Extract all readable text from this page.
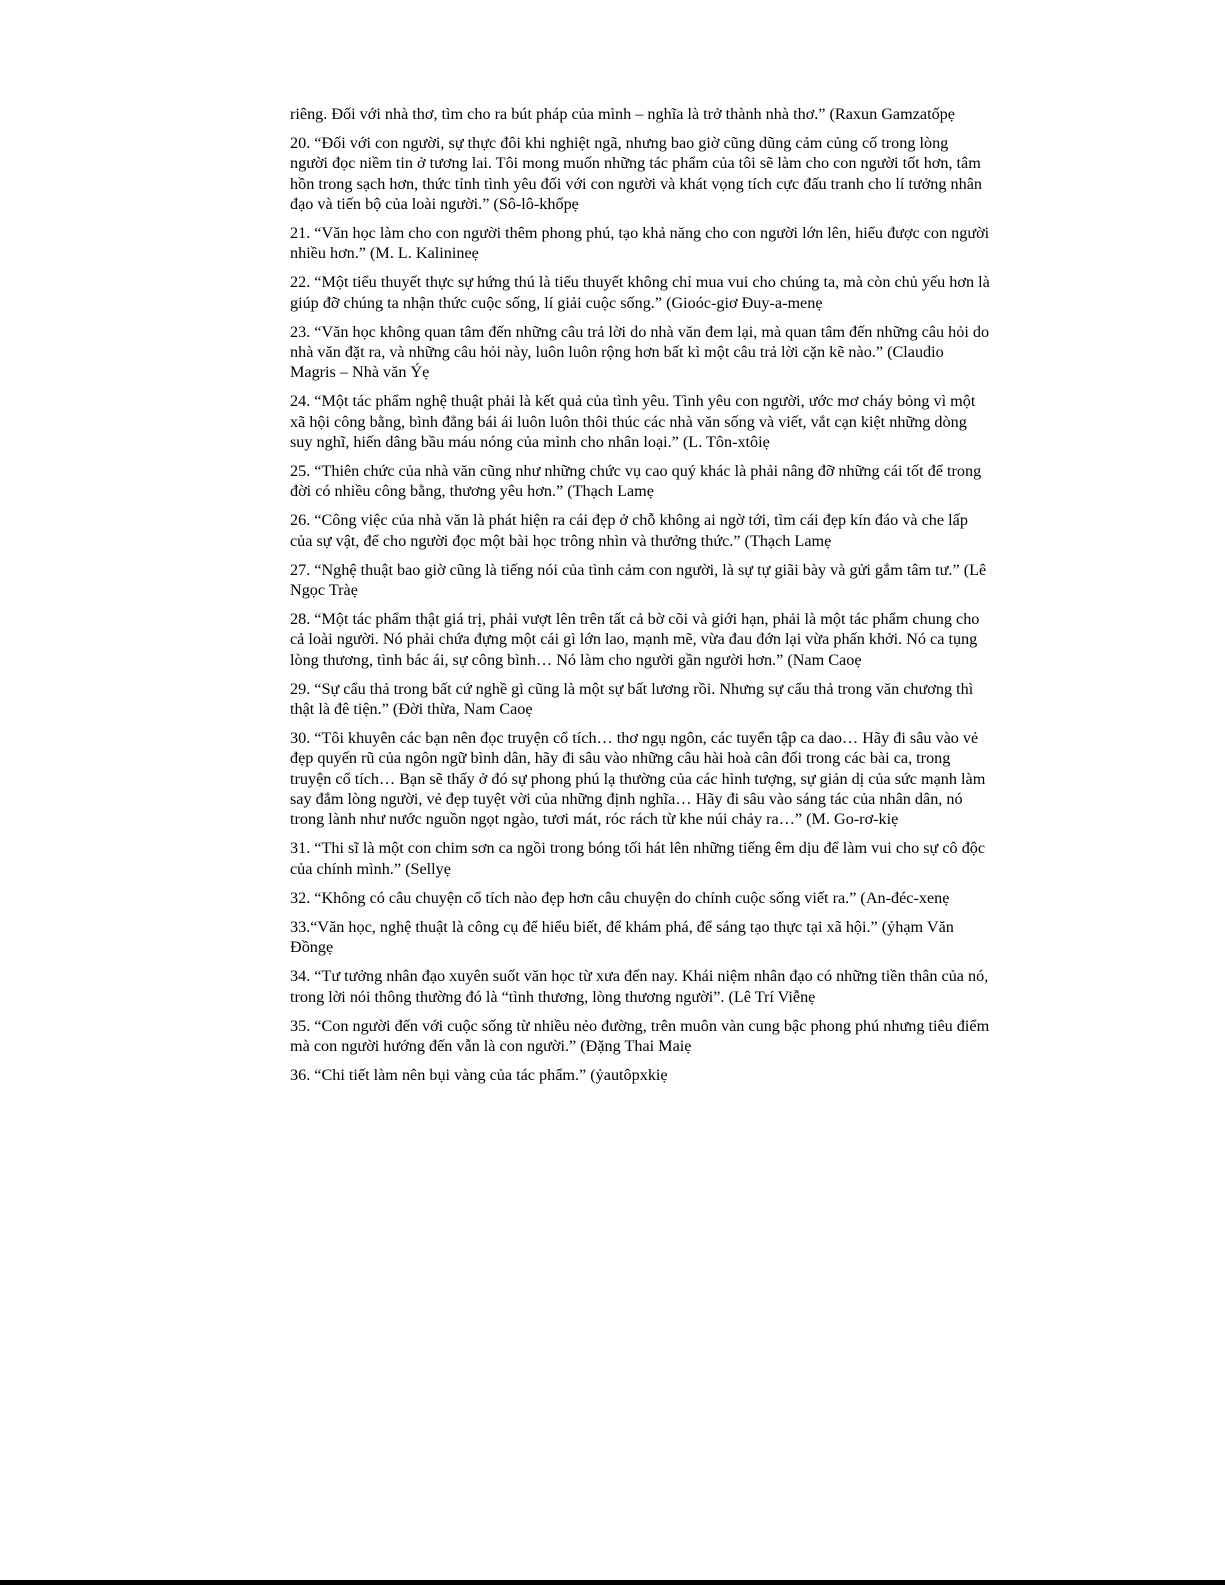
riêng. Đối với nhà thơ, tìm cho ra bút pháp của mình – nghĩa là trở thành nhà thơ.” (Raxun Gamzatốpẹ

20. “Đối với con người, sự thực đôi khi nghiệt ngã, nhưng bao giờ cũng dũng cảm củng cố trong lòng người đọc niềm tin ở tương lai. Tôi mong muốn những tác phẩm của tôi sẽ làm cho con người tốt hơn, tâm hồn trong sạch hơn, thức tỉnh tình yêu đối với con người và khát vọng tích cực đấu tranh cho lí tưởng nhân đạo và tiến bộ của loài người.” (Sô-lô-khốpẹ

21. “Văn học làm cho con người thêm phong phú, tạo khả năng cho con người lớn lên, hiểu được con người nhiều hơn.” (M. L. Kalinineẹ

22. “Một tiểu thuyết thực sự hứng thú là tiểu thuyết không chỉ mua vui cho chúng ta, mà còn chủ yếu hơn là giúp đỡ chúng ta nhận thức cuộc sống, lí giải cuộc sống.” (Gioóc-giơ Đuy-a-menẹ

23. “Văn học không quan tâm đến những câu trả lời do nhà văn đem lại, mà quan tâm đến những câu hỏi do nhà văn đặt ra, và những câu hỏi này, luôn luôn rộng hơn bất kì một câu trả lời cặn kẽ nào.” (Claudio Magris – Nhà văn Ýẹ

24. “Một tác phẩm nghệ thuật phải là kết quả của tình yêu. Tình yêu con người, ước mơ cháy bỏng vì một xã hội công bằng, bình đẳng bái ái luôn luôn thôi thúc các nhà văn sống và viết, vắt cạn kiệt những dòng suy nghĩ, hiến dâng bầu máu nóng của mình cho nhân loại.” (L. Tôn-xtôiẹ

25. “Thiên chức của nhà văn cũng như những chức vụ cao quý khác là phải nâng đỡ những cái tốt để trong đời có nhiều công bằng, thương yêu hơn.” (Thạch Lamẹ

26. “Công việc của nhà văn là phát hiện ra cái đẹp ở chỗ không ai ngờ tới, tìm cái đẹp kín đáo và che lấp của sự vật, để cho người đọc một bài học trông nhìn và thưởng thức.” (Thạch Lamẹ

27. “Nghệ thuật bao giờ cũng là tiếng nói của tình cảm con người, là sự tự giãi bày và gửi gắm tâm tư.” (Lê Ngọc Tràẹ

28. “Một tác phẩm thật giá trị, phải vượt lên trên tất cả bờ cõi và giới hạn, phải là một tác phẩm chung cho cả loài người. Nó phải chứa đựng một cái gì lớn lao, mạnh mẽ, vừa đau đớn lại vừa phấn khởi. Nó ca tụng lòng thương, tình bác ái, sự công bình… Nó làm cho người gần người hơn.” (Nam Caoẹ

29. “Sự cẩu thả trong bất cứ nghề gì cũng là một sự bất lương rồi. Nhưng sự cẩu thả trong văn chương thì thật là đê tiện.” (Đời thừa, Nam Caoẹ

30. “Tôi khuyên các bạn nên đọc truyện cổ tích… thơ ngụ ngôn, các tuyển tập ca dao… Hãy đi sâu vào vẻ đẹp quyến rũ của ngôn ngữ bình dân, hãy đi sâu vào những câu hài hoà cân đối trong các bài ca, trong truyện cổ tích… Bạn sẽ thấy ở đó sự phong phú lạ thường của các hình tượng, sự giản dị của sức mạnh làm say đắm lòng người, vẻ đẹp tuyệt vời của những định nghĩa… Hãy đi sâu vào sáng tác của nhân dân, nó trong lành như nước nguồn ngọt ngào, tươi mát, róc rách từ khe núi chảy ra…” (M. Go-rơ-kiẹ

31. “Thi sĩ là một con chim sơn ca ngồi trong bóng tối hát lên những tiếng êm dịu để làm vui cho sự cô độc của chính mình.” (Sellyẹ

32. “Không có câu chuyện cổ tích nào đẹp hơn câu chuyện do chính cuộc sống viết ra.” (An-đéc-xenẹ

33.“Văn học, nghệ thuật là công cụ để hiểu biết, để khám phá, để sáng tạo thực tại xã hội.” (ỷhạm Văn Đồngẹ

34. “Tư tưởng nhân đạo xuyên suốt văn học từ xưa đến nay. Khái niệm nhân đạo có những tiền thân của nó, trong lời nói thông thường đó là “tình thương, lòng thương người”. (Lê Trí Viễnẹ

35. “Con người đến với cuộc sống từ nhiều nẻo đường, trên muôn vàn cung bậc phong phú nhưng tiêu điểm mà con người hướng đến vẫn là con người.” (Đặng Thai Maiẹ

36. “Chi tiết làm nên bụi vàng của tác phẩm.” (ỷautôpxkiẹ
